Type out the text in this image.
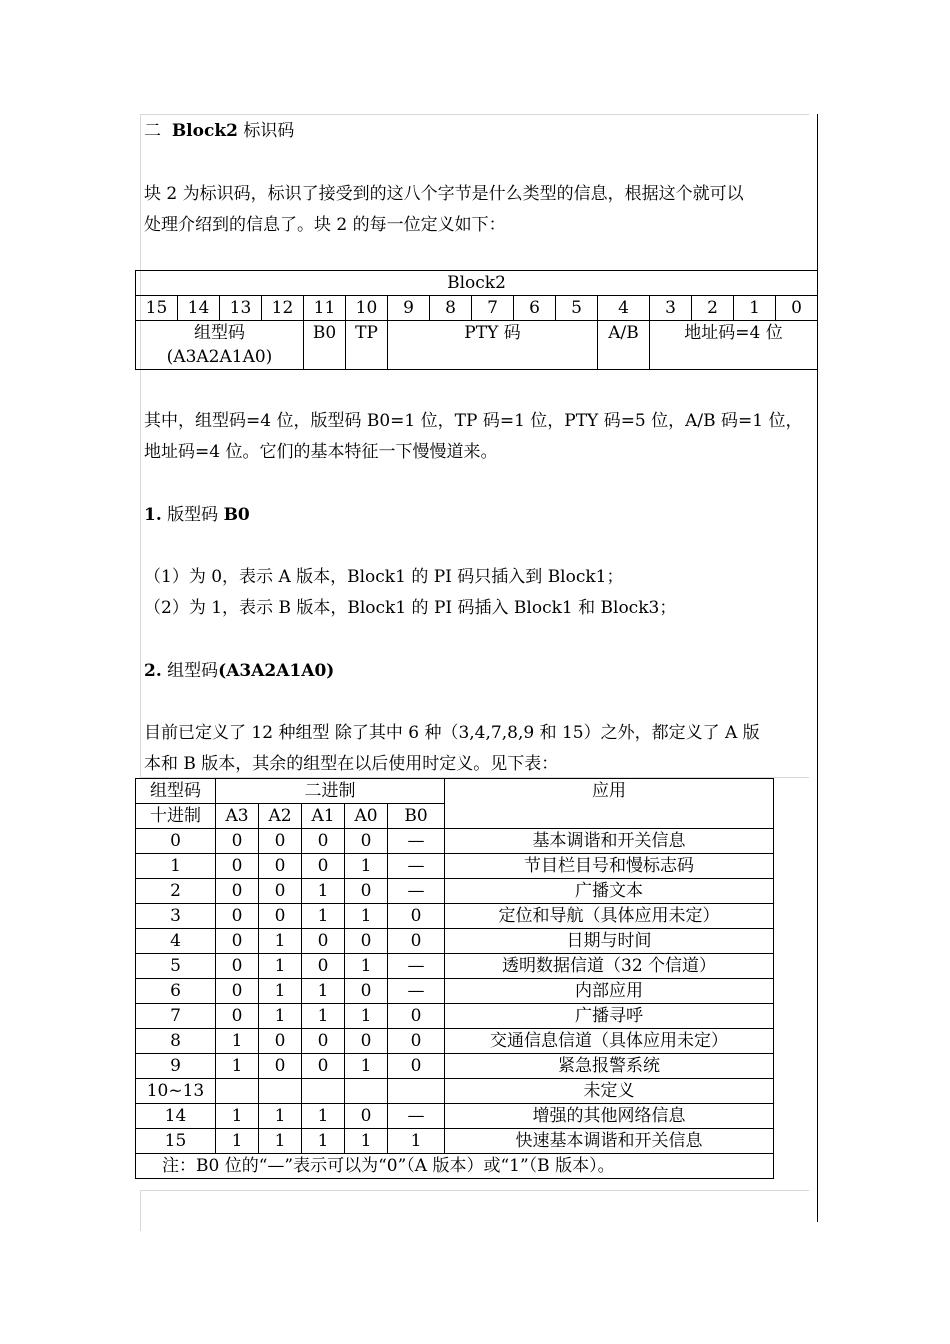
二 Block2 标识码
块 2 为标识码，标识了接受到的这八个字节是什么类型的信息，根据这个就可以
处理介绍到的信息了。块 2 的每一位定义如下：
Block2															
15	14	13	12	11	10	9	8	7	6	5	4	3	2	1	0

组型码
(A3A2A1A0)				B0	TP	PTY 码					A/B	地址码=4 位			
其中，组型码=4 位，版型码 B0=1 位，TP 码=1 位，PTY 码=5 位，A/B 码=1 位，
地址码=4 位。它们的基本特征一下慢慢道来。
1. 版型码 B0
（1）为 0，表示 A 版本，Block1 的 PI 码只插入到 Block1；
（2）为 1，表示 B 版本，Block1 的 PI 码插入 Block1 和 Block3；
2. 组型码(A3A2A1A0)
目前已定义了 12 种组型 除了其中 6 种（3,4,7,8,9 和 15）之外，都定义了 A 版
本和 B 版本，其余的组型在以后使用时定义。见下表：
组型码	二进制					应用
十进制	A3	A2	A1	A0	B0	
0	0	0	0	0	—	基本调谐和开关信息
1	0	0	0	1	—	节目栏目号和慢标志码
2	0	0	1	0	—	广播文本
3	0	0	1	1	0	定位和导航（具体应用未定）
4	0	1	0	0	0	日期与时间
5	0	1	0	1	—	透明数据信道（32 个信道）
6	0	1	1	0	—	内部应用
7	0	1	1	1	0	广播寻呼
8	1	0	0	0	0	交通信息信道（具体应用未定）
9	1	0	0	1	0	紧急报警系统
10~13						未定义
14	1	1	1	0	—	增强的其他网络信息
15	1	1	1	1	1	快速基本调谐和开关信息
注：B0 位的“—”表示可以为“0”（A 版本）或“1”（B 版本）。						
